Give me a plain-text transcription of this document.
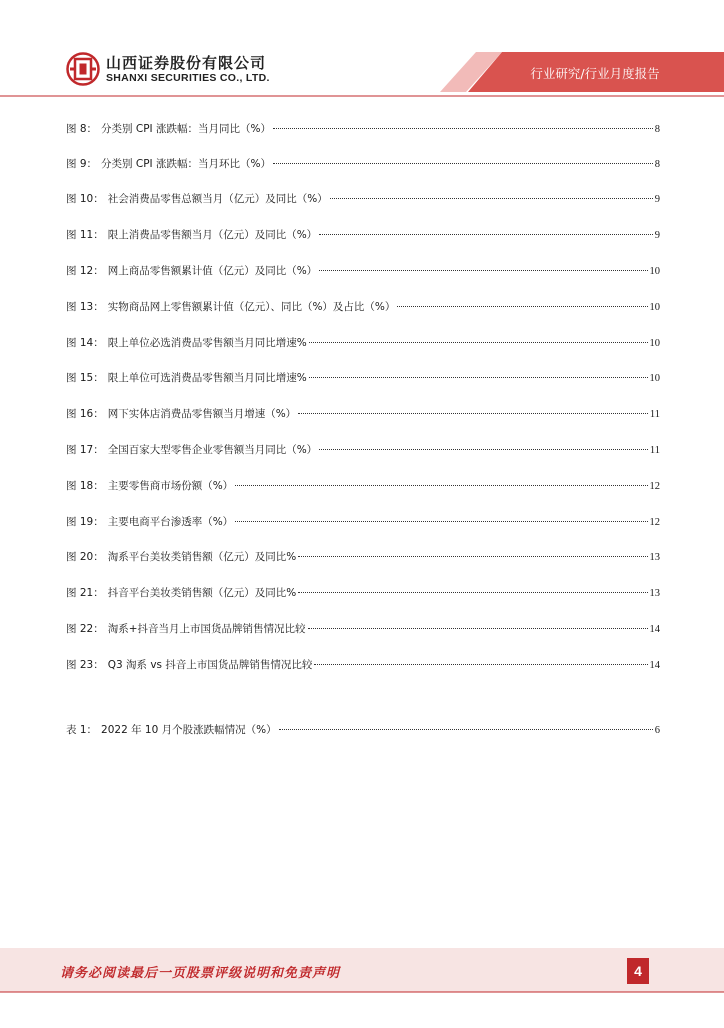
山西证券股份有限公司
SHANXI SECURITIES CO., LTD.	行业研究/行业月度报告
图 8： 分类别 CPI 涨跌幅：当月同比（%）	8
图 9： 分类别 CPI 涨跌幅：当月环比（%）	8
图 10： 社会消费品零售总额当月（亿元）及同比（%）	9
图 11： 限上消费品零售额当月（亿元）及同比（%）	9
图 12： 网上商品零售额累计值（亿元）及同比（%）	10
图 13： 实物商品网上零售额累计值（亿元）、同比（%）及占比（%）	10
图 14： 限上单位必选消费品零售额当月同比增速%	10
图 15： 限上单位可选消费品零售额当月同比增速%	10
图 16： 网下实体店消费品零售额当月增速（%）	11
图 17： 全国百家大型零售企业零售额当月同比（%）	11
图 18： 主要零售商市场份额（%）	12
图 19： 主要电商平台渗透率（%）	12
图 20： 淘系平台美妆类销售额（亿元）及同比%	13
图 21： 抖音平台美妆类销售额（亿元）及同比%	13
图 22： 淘系+抖音当月上市国货品牌销售情况比较	14
图 23： Q3 淘系 vs 抖音上市国货品牌销售情况比较	14
表 1： 2022 年 10 月个股涨跌幅情况（%）	6
请务必阅读最后一页股票评级说明和免责声明	4
